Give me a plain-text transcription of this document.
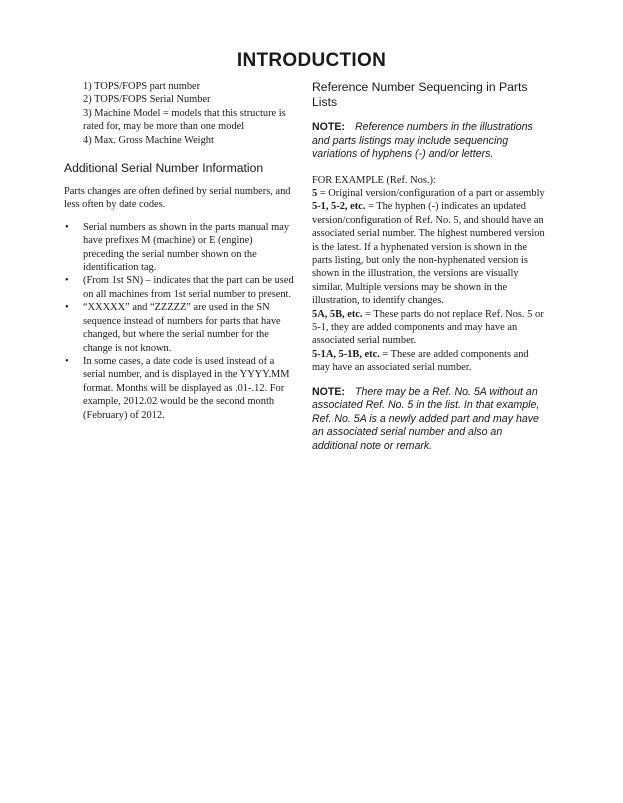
INTRODUCTION
1) TOPS/FOPS part number
2) TOPS/FOPS Serial Number
3) Machine Model = models that this structure is rated for, may be more than one model
4) Max. Gross Machine Weight
Additional Serial Number Information
Parts changes are often defined by serial numbers, and less often by date codes.
• Serial numbers as shown in the parts manual may have prefixes M (machine) or E (engine) preceding the serial number shown on the identification tag.
• (From 1st SN) – indicates that the part can be used on all machines from 1st serial number to present.
• “XXXXX” and “ZZZZZ” are used in the SN sequence instead of numbers for parts that have changed, but where the serial number for the change is not known.
• In some cases, a date code is used instead of a serial number, and is displayed in the YYYY.MM format. Months will be displayed as .01-.12. For example, 2012.02 would be the second month (February) of 2012.
Reference Number Sequencing in Parts Lists
NOTE: Reference numbers in the illustrations and parts listings may include sequencing variations of hyphens (-) and/or letters.
FOR EXAMPLE (Ref. Nos.):
5 = Original version/configuration of a part or assembly
5-1, 5-2, etc. = The hyphen (-) indicates an updated version/configuration of Ref. No. 5, and should have an associated serial number. The highest numbered version is the latest. If a hyphenated version is shown in the parts listing, but only the non-hyphenated version is shown in the illustration, the versions are visually similar. Multiple versions may be shown in the illustration, to identify changes.
5A, 5B, etc. = These parts do not replace Ref. Nos. 5 or 5-1, they are added components and may have an associated serial number.
5-1A, 5-1B, etc. = These are added components and may have an associated serial number.
NOTE: There may be a Ref. No. 5A without an associated Ref. No. 5 in the list. In that example, Ref. No. 5A is a newly added part and may have an associated serial number and also an additional note or remark.
